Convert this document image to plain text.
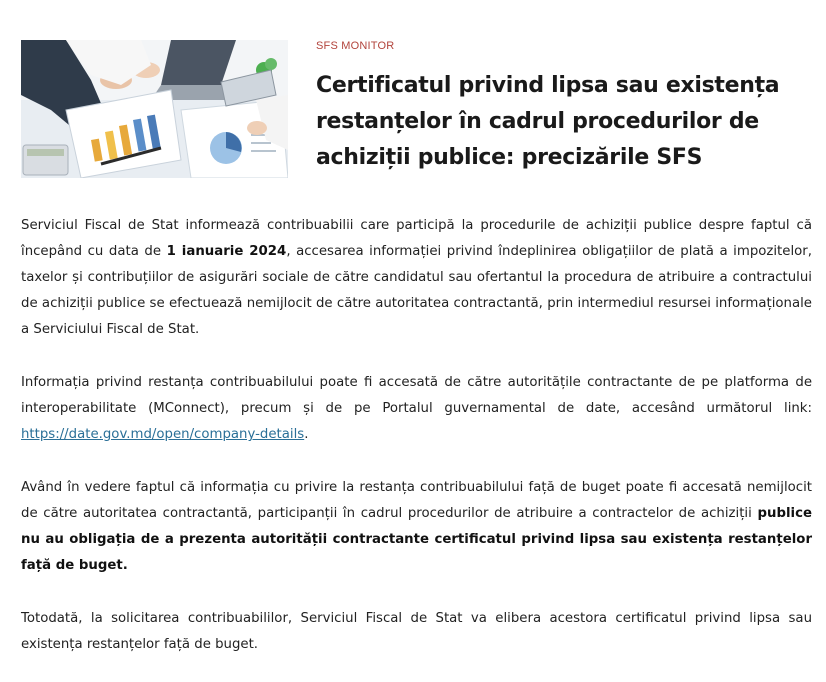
SFS MONITOR
Certificatul privind lipsa sau existența restanțelor în cadrul procedurilor de achiziții publice: precizările SFS

Serviciul Fiscal de Stat informează contribuabilii care participă la procedurile de achiziții publice despre faptul că începând cu data de 1 ianuarie 2024, accesarea informației privind îndeplinirea obligațiilor de plată a impozitelor, taxelor și contribuțiilor de asigurări sociale de către candidatul sau ofertantul la procedura de atribuire a contractului de achiziții publice se efectuează nemijlocit de către autoritatea contractantă, prin intermediul resursei informaționale a Serviciului Fiscal de Stat.

Informația privind restanța contribuabilului poate fi accesată de către autoritățile contractante de pe platforma de interoperabilitate (MConnect), precum și de pe Portalul guvernamental de date, accesând următorul link: https://date.gov.md/open/company-details.

Având în vedere faptul că informația cu privire la restanța contribuabilului față de buget poate fi accesată nemijlocit de către autoritatea contractantă, participanții în cadrul procedurilor de atribuire a contractelor de achiziții publice nu au obligația de a prezenta autorității contractante certificatul privind lipsa sau existența restanțelor față de buget.

Totodată, la solicitarea contribuabililor, Serviciul Fiscal de Stat va elibera acestora certificatul privind lipsa sau existența restanțelor față de buget.
